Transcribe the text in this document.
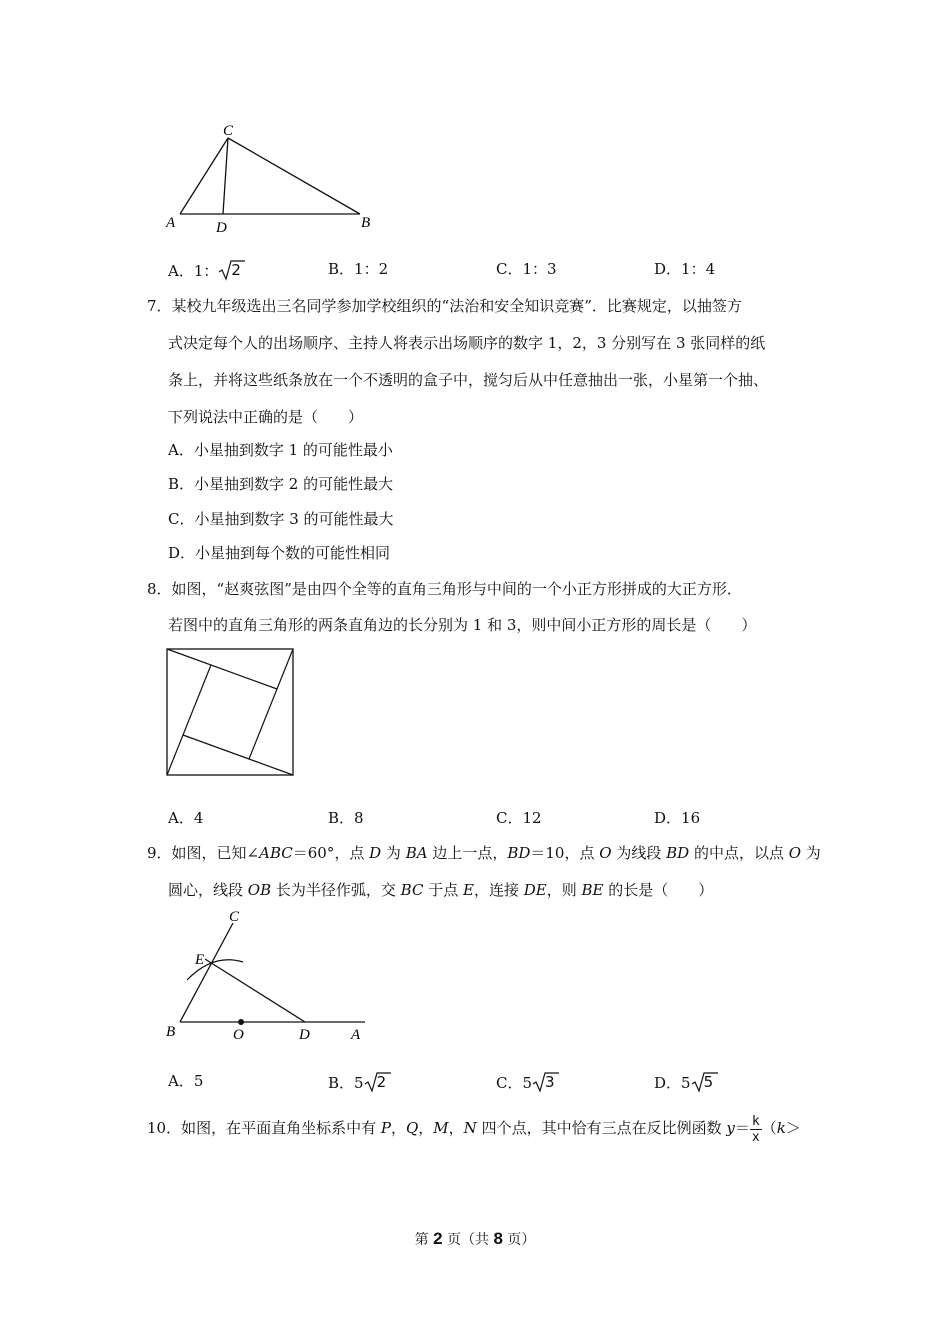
C
A	D	B
A．1： 2	B．1：2	C．1：3	D．1：4
7．某校九年级选出三名同学参加学校组织的“法治和安全知识竞赛”．比赛规定，以抽签方
式决定每个人的出场顺序、主持人将表示出场顺序的数字 1，2，3 分别写在 3 张同样的纸
条上，并将这些纸条放在一个不透明的盒子中，搅匀后从中任意抽出一张，小星第一个抽、
下列说法中正确的是（　　）
A．小星抽到数字 1 的可能性最小
B．小星抽到数字 2 的可能性最大
C．小星抽到数字 3 的可能性最大
D．小星抽到每个数的可能性相同
8．如图，“赵爽弦图”是由四个全等的直角三角形与中间的一个小正方形拼成的大正方形．
若图中的直角三角形的两条直角边的长分别为 1 和 3，则中间小正方形的周长是（　　）
A．4	B．8	C．12	D．16
9．如图，已知∠ABC＝60°，点 D 为 BA 边上一点，BD＝10，点 O 为线段 BD 的中点，以点 O 为
圆心，线段 OB 长为半径作弧，交 BC 于点 E，连接 DE，则 BE 的长是（　　）
C
E
B	O	D	A
A．5	B．5 2	C．5 3	D．5 5
10．如图，在平面直角坐标系中有 P，Q，M，N 四个点，其中恰有三点在反比例函数 $y= \frac{k}{x} (k>$
第 2 页（共 8 页）
